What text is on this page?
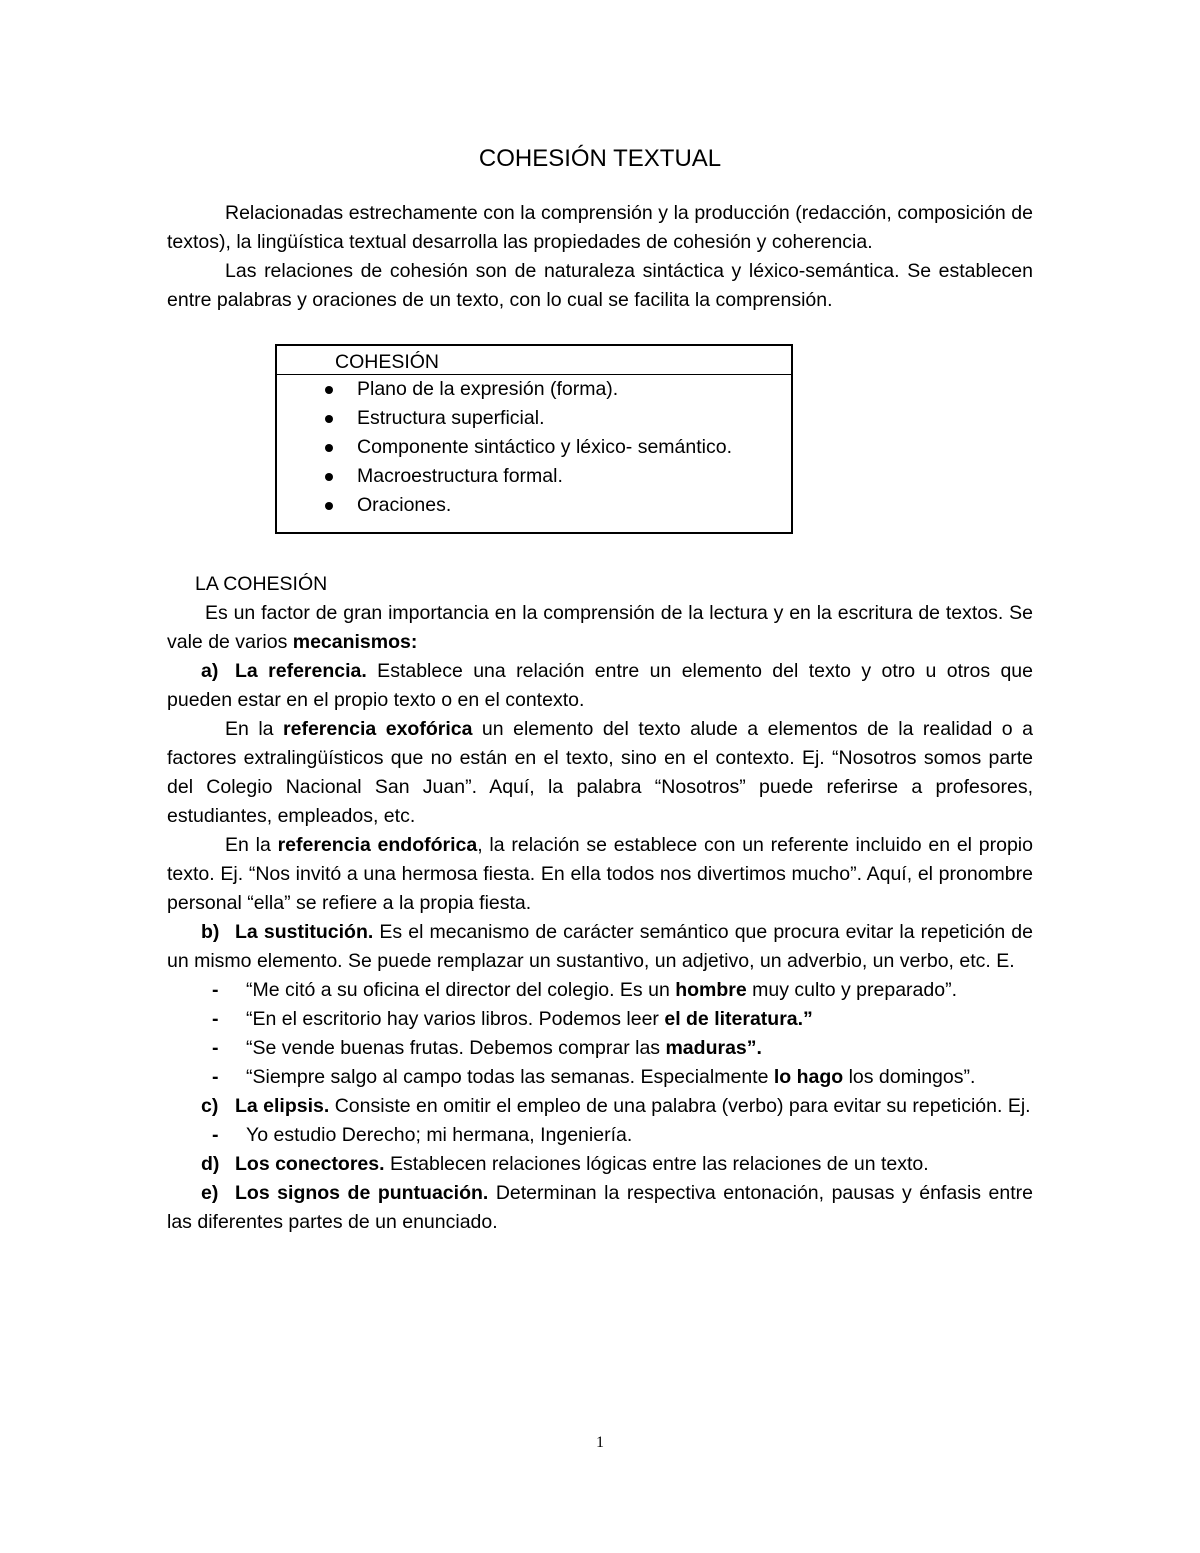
COHESIÓN TEXTUAL

Relacionadas estrechamente con la comprensión y la producción (redacción, composición de textos), la lingüística textual desarrolla las propiedades de cohesión y coherencia.

Las relaciones de cohesión son de naturaleza sintáctica y léxico-semántica. Se establecen entre palabras y oraciones de un texto, con lo cual se facilita la comprensión.

COHESIÓN
Plano de la expresión (forma).
Estructura superficial.
Componente sintáctico y léxico- semántico.
Macroestructura formal.
Oraciones.
LA COHESIÓN

Es un factor de gran importancia en la comprensión de la lectura y en la escritura de textos. Se vale de varios mecanismos:

a) La referencia. Establece una relación entre un elemento del texto y otro u otros que pueden estar en el propio texto o en el contexto.

En la referencia exofórica un elemento del texto alude a elementos de la realidad o a factores extralingüísticos que no están en el texto, sino en el contexto. Ej. “Nosotros somos parte del Colegio Nacional San Juan”. Aquí, la palabra “Nosotros” puede referirse a profesores, estudiantes, empleados, etc.

En la referencia endofórica, la relación se establece con un referente incluido en el propio texto. Ej. “Nos invitó a una hermosa fiesta. En ella todos nos divertimos mucho”. Aquí, el pronombre personal “ella” se refiere a la propia fiesta.

b) La sustitución. Es el mecanismo de carácter semántico que procura evitar la repetición de un mismo elemento. Se puede remplazar un sustantivo, un adjetivo, un adverbio, un verbo, etc. E.

- “Me citó a su oficina el director del colegio. Es un hombre muy culto y preparado”.
- “En el escritorio hay varios libros. Podemos leer el de literatura.”
- “Se vende buenas frutas. Debemos comprar las maduras”.
- “Siempre salgo al campo todas las semanas. Especialmente lo hago los domingos”.

c) La elipsis. Consiste en omitir el empleo de una palabra (verbo) para evitar su repetición. Ej.

- Yo estudio Derecho; mi hermana, Ingeniería.

d) Los conectores. Establecen relaciones lógicas entre las relaciones de un texto.

e) Los signos de puntuación. Determinan la respectiva entonación, pausas y énfasis entre las diferentes partes de un enunciado.

1
